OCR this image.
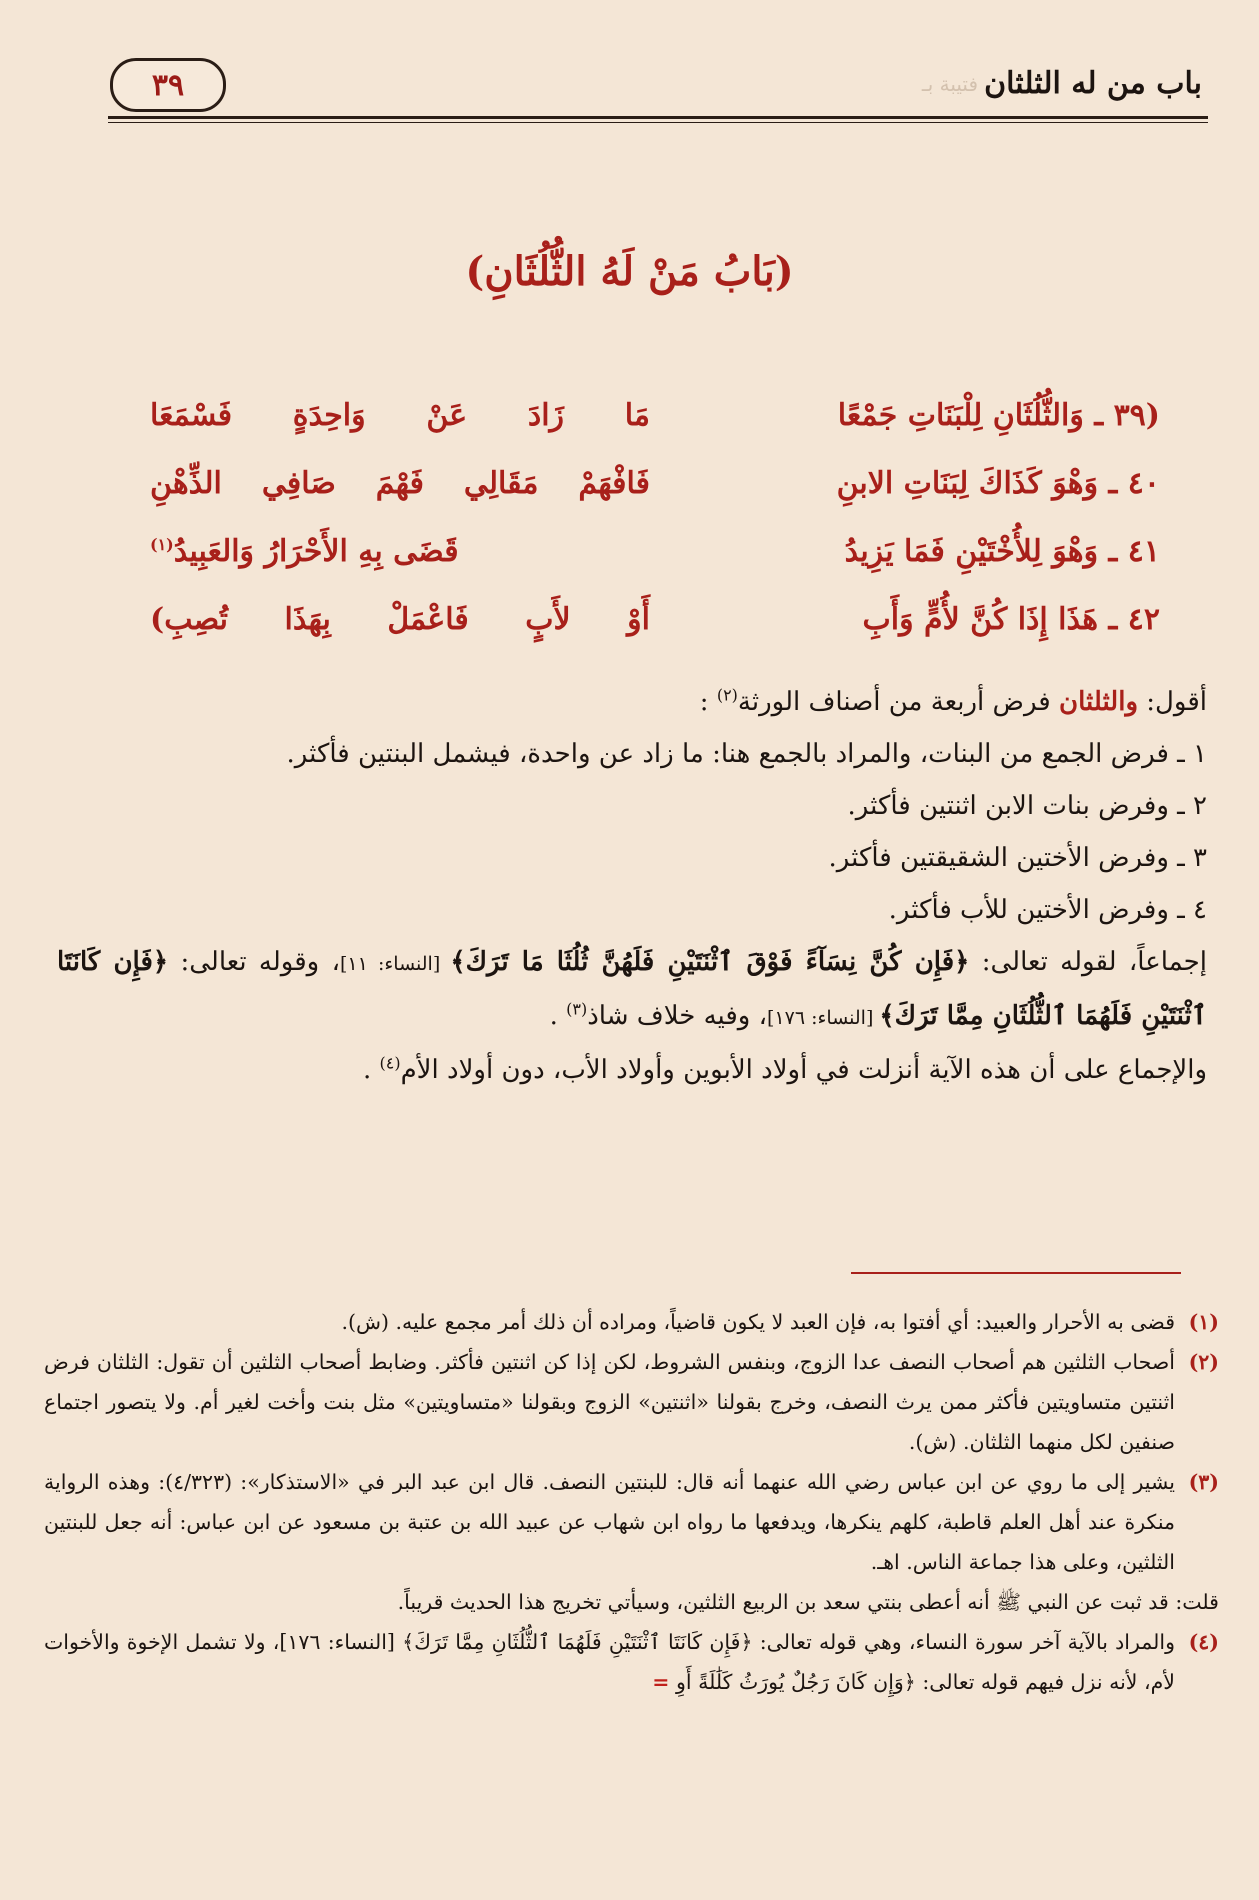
باب من له الثلثان
فتيبة بـ
٣٩
(بَابُ مَنْ لَهُ الثُّلُثَانِ)
(٣٩ ـ وَالثُّلُثَانِ لِلْبَنَاتِ جَمْعًا
مَا زَادَ عَنْ وَاحِدَةٍ فَسْمَعَا
٤٠ ـ وَهْوَ كَذَاكَ لِبَنَاتِ الابنِ
فَافْهَمْ مَقَالِي فَهْمَ صَافِي الذِّهْنِ
٤١ ـ وَهْوَ لِلأُخْتَيْنِ فَمَا يَزِيدُ
قَضَى بِهِ الأَحْرَارُ وَالعَبِيدُ$^{(١)}$
٤٢ ـ هَذَا إِذَا كُنَّ لأُمٍّ وَأَبِ
أَوْ لأَبٍ فَاعْمَلْ بِهَذَا تُصِبِ)

أقول: والثلثان فرض أربعة من أصناف الورثة$^{(٢)}$ :

١ ـ فرض الجمع من البنات، والمراد بالجمع هنا: ما زاد عن واحدة، فيشمل البنتين فأكثر.

٢ ـ وفرض بنات الابن اثنتين فأكثر.

٣ ـ وفرض الأختين الشقيقتين فأكثر.

٤ ـ وفرض الأختين للأب فأكثر.

إجماعاً، لقوله تعالى: ﴿فَإِن كُنَّ نِسَآءً فَوْقَ ٱثْنَتَيْنِ فَلَهُنَّ ثُلُثَا مَا تَرَكَ﴾ [النساء: ١١]، وقوله تعالى: ﴿فَإِن كَانَتَا ٱثْنَتَيْنِ فَلَهُمَا ٱلثُّلُثَانِ مِمَّا تَرَكَ﴾ [النساء: ١٧٦]، وفيه خلاف شاذ$^{(٣)}$ .

والإجماع على أن هذه الآية أنزلت في أولاد الأبوين وأولاد الأب، دون أولاد الأم$^{(٤)}$ .

(١)

قضى به الأحرار والعبيد: أي أفتوا به، فإن العبد لا يكون قاضياً، ومراده أن ذلك أمر مجمع عليه. (ش).

(٢)

أصحاب الثلثين هم أصحاب النصف عدا الزوج، وبنفس الشروط، لكن إذا كن اثنتين فأكثر. وضابط أصحاب الثلثين أن تقول: الثلثان فرض اثنتين متساويتين فأكثر ممن يرث النصف، وخرج بقولنا «اثنتين» الزوج وبقولنا «متساويتين» مثل بنت وأخت لغير أم. ولا يتصور اجتماع صنفين لكل منهما الثلثان. (ش).

(٣)

يشير إلى ما روي عن ابن عباس رضي الله عنهما أنه قال: للبنتين النصف. قال ابن عبد البر في «الاستذكار»: (٤/٣٢٣): وهذه الرواية منكرة عند أهل العلم قاطبة، كلهم ينكرها، ويدفعها ما رواه ابن شهاب عن عبيد الله بن عتبة بن مسعود عن ابن عباس: أنه جعل للبنتين الثلثين، وعلى هذا جماعة الناس. اهـ.

قلت: قد ثبت عن النبي ﷺ أنه أعطى بنتي سعد بن الربيع الثلثين، وسيأتي تخريج هذا الحديث قريباً.

(٤)

والمراد بالآية آخر سورة النساء، وهي قوله تعالى: ﴿فَإِن كَانَتَا ٱثْنَتَيْنِ فَلَهُمَا ٱلثُّلُثَانِ مِمَّا تَرَكَ﴾ [النساء: ١٧٦]، ولا تشمل الإخوة والأخوات لأم، لأنه نزل فيهم قوله تعالى: ﴿وَإِن كَانَ رَجُلٌ يُورَثُ كَلَٰلَةً أَوِ =
